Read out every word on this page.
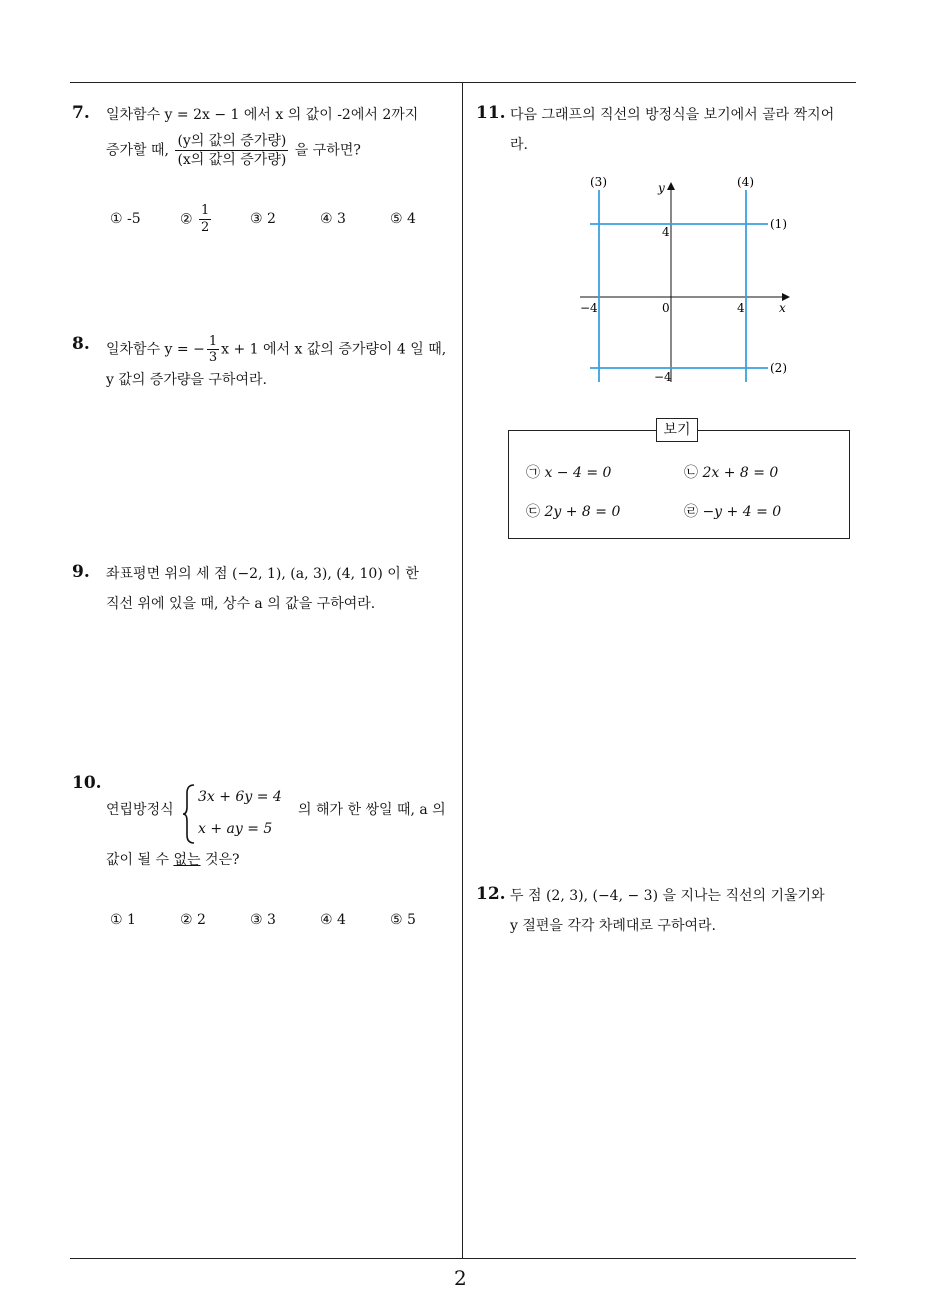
7. 일차함수 y = 2x − 1 에서 x 의 값이 -2에서 2까지
증가할 때, $\frac{\text{(y의 값의 증가량)}}{\text{(x의 값의 증가량)}}$ 을 구하면?
① -5	② $\frac{1}{2}$	③ 2	④ 3	⑤ 4
8. 일차함수 y = − $\frac{1}{3}$ x + 1 에서 x 값의 증가량이 4 일 때,
y 값의 증가량을 구하여라.
9. 좌표평면 위의 세 점 (−2, 1), (a, 3), (4, 10) 이 한
직선 위에 있을 때, 상수 a 의 값을 구하여라.
10.
연립방정식
3x + 6y = 4
x + ay = 5
의 해가 한 쌍일 때, a 의
값이 될 수 없는 것은?
① 1	② 2	③ 3	④ 4	⑤ 5
11. 다음 그래프의 직선의 방정식을 보기에서 골라 짝지어
라.
(1)
(2)
(3)	(4)
x
y
0	4
−4
4
−4
보기
㉠ x − 4 = 0	㉡ 2x + 8 = 0
㉢ 2y + 8 = 0	㉣ −y + 4 = 0
12. 두 점 (2, 3), (−4, − 3) 을 지나는 직선의 기울기와
y 절편을 각각 차례대로 구하여라.
2
